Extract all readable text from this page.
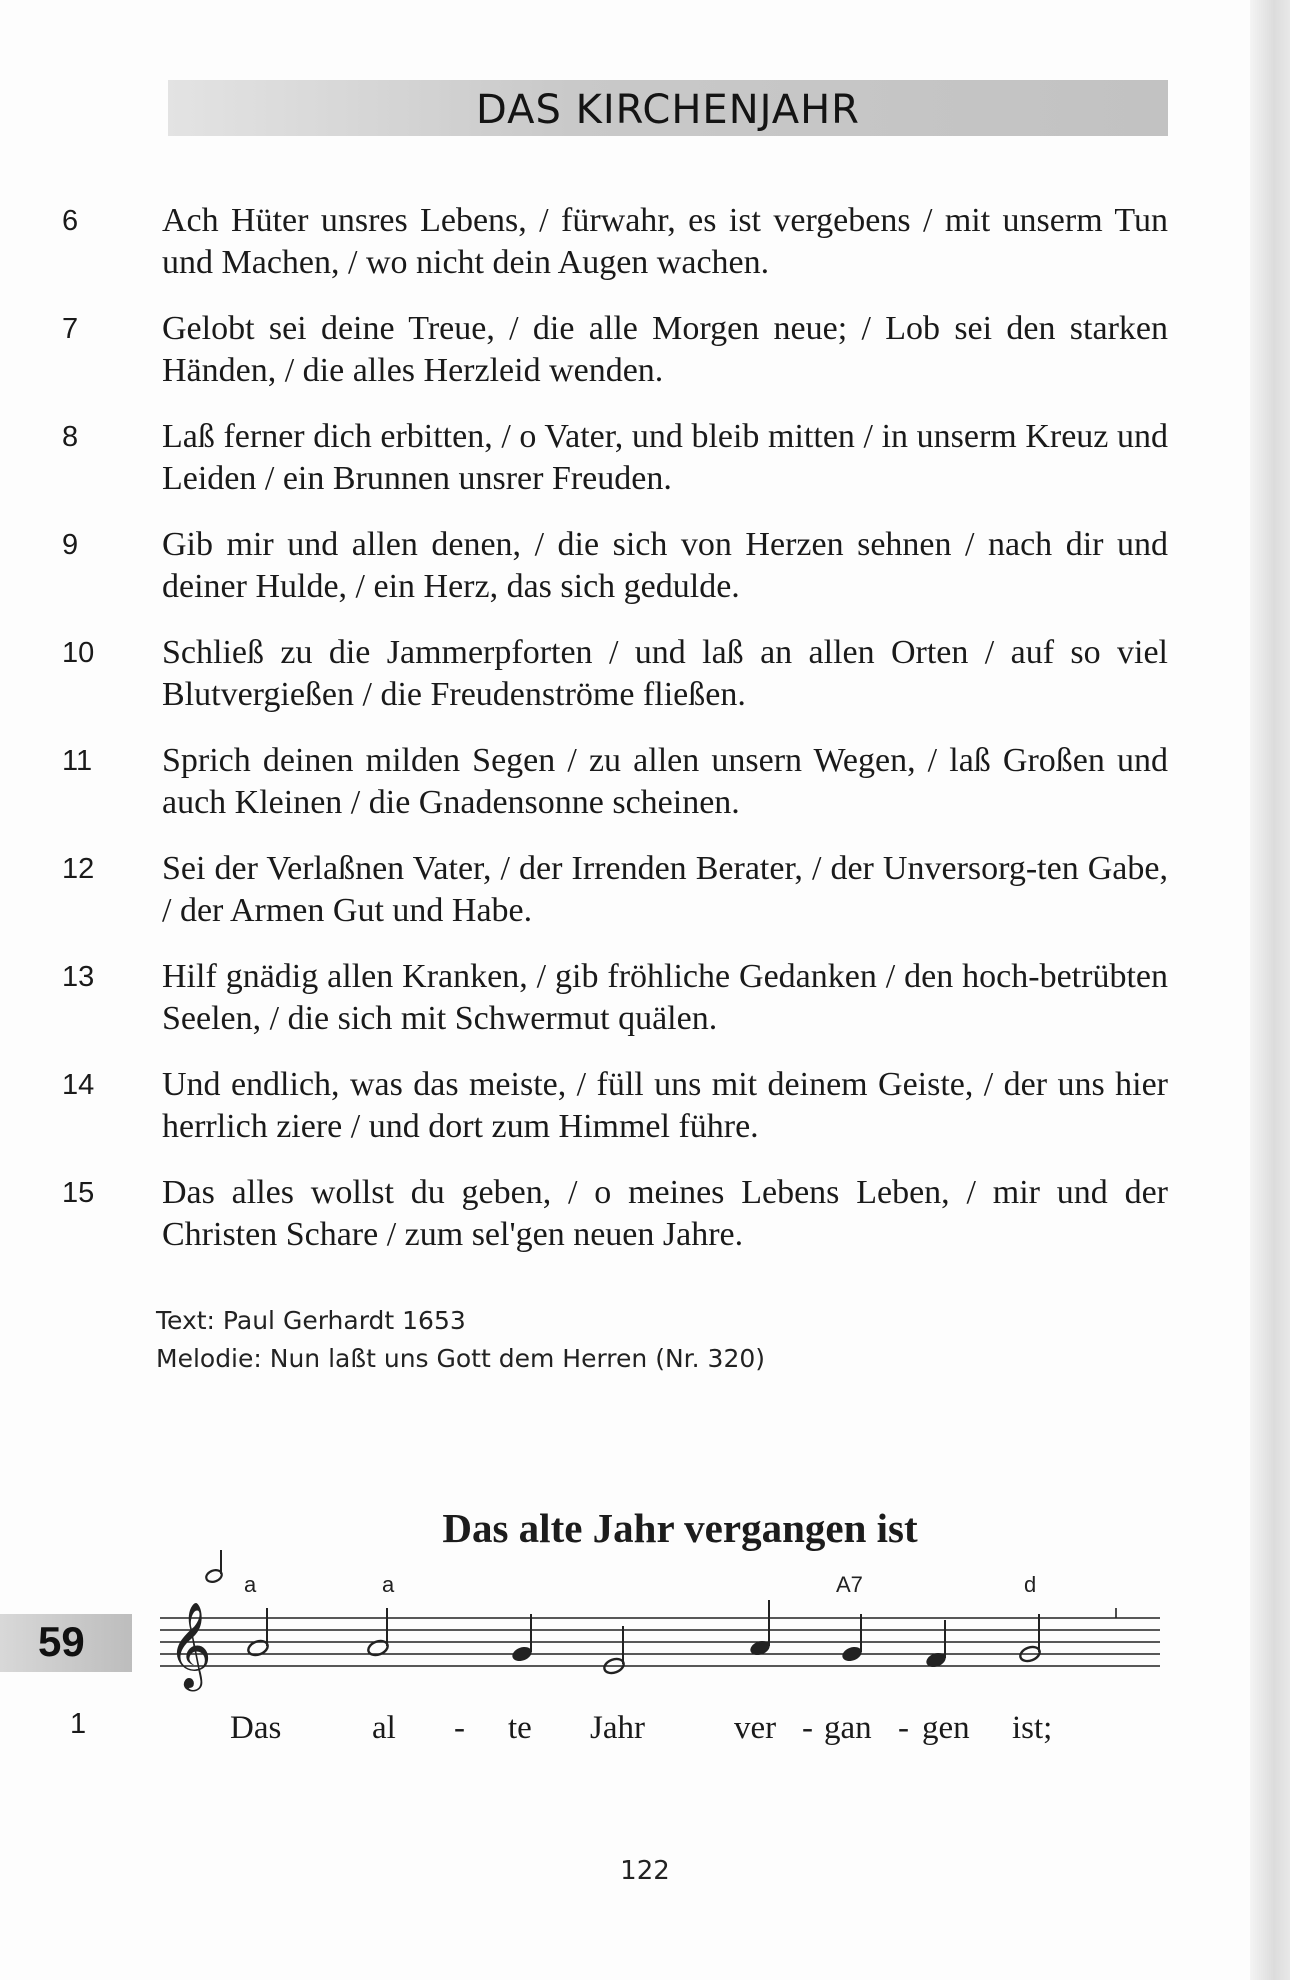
DAS KIRCHENJAHR
6	Ach Hüter unsres Lebens, / fürwahr, es ist vergebens / mit unserm Tun und Machen, / wo nicht dein Augen wachen.
7	Gelobt sei deine Treue, / die alle Morgen neue; / Lob sei den starken Händen, / die alles Herzleid wenden.
8	Laß ferner dich erbitten, / o Vater, und bleib mitten / in unserm Kreuz und Leiden / ein Brunnen unsrer Freuden.
9	Gib mir und allen denen, / die sich von Herzen sehnen / nach dir und deiner Hulde, / ein Herz, das sich gedulde.
10	Schließ zu die Jammerpforten / und laß an allen Orten / auf so viel Blutvergießen / die Freudenströme fließen.
11	Sprich deinen milden Segen / zu allen unsern Wegen, / laß Großen und auch Kleinen / die Gnadensonne scheinen.
12	Sei der Verlaßnen Vater, / der Irrenden Berater, / der Unversorg-ten Gabe, / der Armen Gut und Habe.
13	Hilf gnädig allen Kranken, / gib fröhliche Gedanken / den hoch-betrübten Seelen, / die sich mit Schwermut quälen.
14	Und endlich, was das meiste, / füll uns mit deinem Geiste, / der uns hier herrlich ziere / und dort zum Himmel führe.
15	Das alles wollst du geben, / o meines Lebens Leben, / mir und der Christen Schare / zum sel'gen neuen Jahre.
Text: Paul Gerhardt 1653
Melodie: Nun laßt uns Gott dem Herren (Nr. 320)
Das alte Jahr vergangen ist
59	𝄞
a	a	A7	d
Das	al - te Jahr	ver - gan - gen ist;
1
122
